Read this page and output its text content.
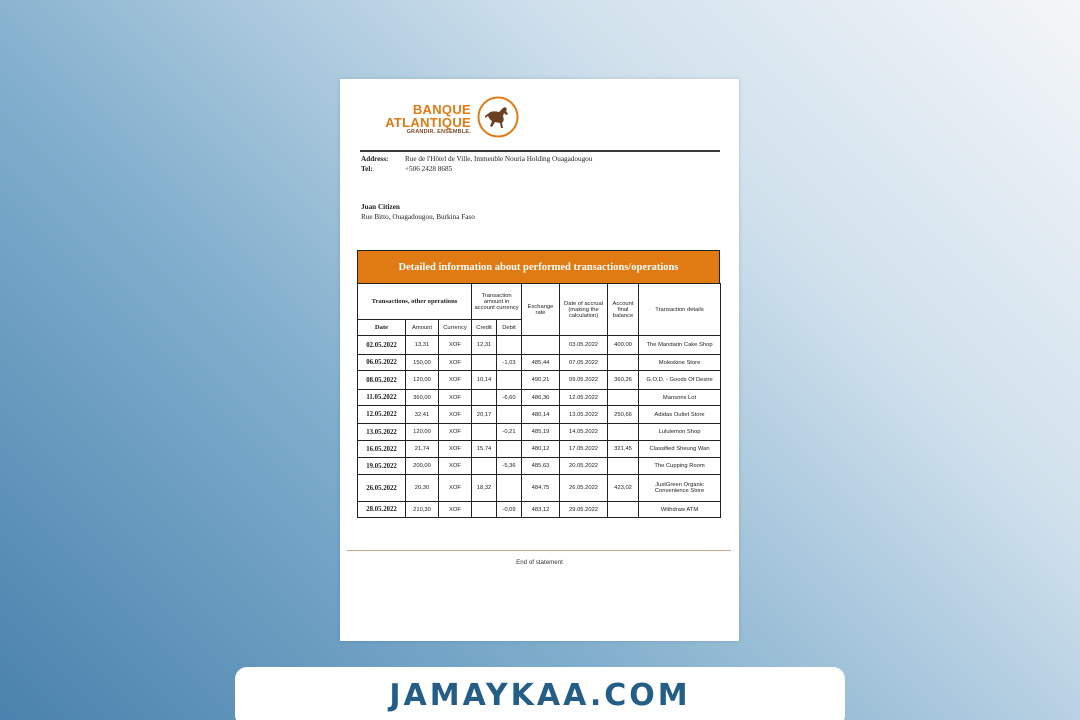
BANQUE
ATLANTIQUE
GRANDIR. ENSEMBLE.
Address:	Rue de l'Hôtel de Ville, Immeuble Nouria Holding Ouagadougou
Tel:	+506 2428 8685
Juan Citizen
Rue Bitto, Ouagadougou, Burkina Faso
Detailed information about performed transactions/operations
Transactions, other operations			Transaction amount in account currency		Exchange rate	Date of accrual (making the calculation)	Account final balance	Transaction details
Date	Amount	Currency	Credit	Debit				
02.05.2022	13,31	XOF	12,31			03.05.2022	400,00	The Mandarin Cake Shop
06.05.2022	150,00	XOF		-1,03	485,44	07.05.2022		Moleskine Store
08.05.2022	120,00	XOF	10,14		490,21	09.05.2022	360,26	G.O.D. - Goods Of Desire
11.05.2022	360,00	XOF		-6,60	486,36	12.05.2022		Mansons Lot
12.05.2022	32,41	XOF	20,17		480,14	13.05.2022	250,66	Adidas Outlet Store
13.05.2022	120,00	XOF		-0,21	485,19	14.05.2022		Lululemon Shop
16.05.2022	21,74	XOF	15,74		480,12	17.05.2022	321,45	Classified Sheung Wan
19.05.2022	200,00	XOF		-5,36	485,63	20.05.2022		The Cupping Room
26.05.2022	20,30	XOF	18,32		484,75	26.05.2022	423,02	JustGreen Organic Convenience Store
28.05.2022	210,30	XOF		-0,09	483,12	29.05.2022		Withdraw ATM
End of statement
JAMAYKAA.COM
